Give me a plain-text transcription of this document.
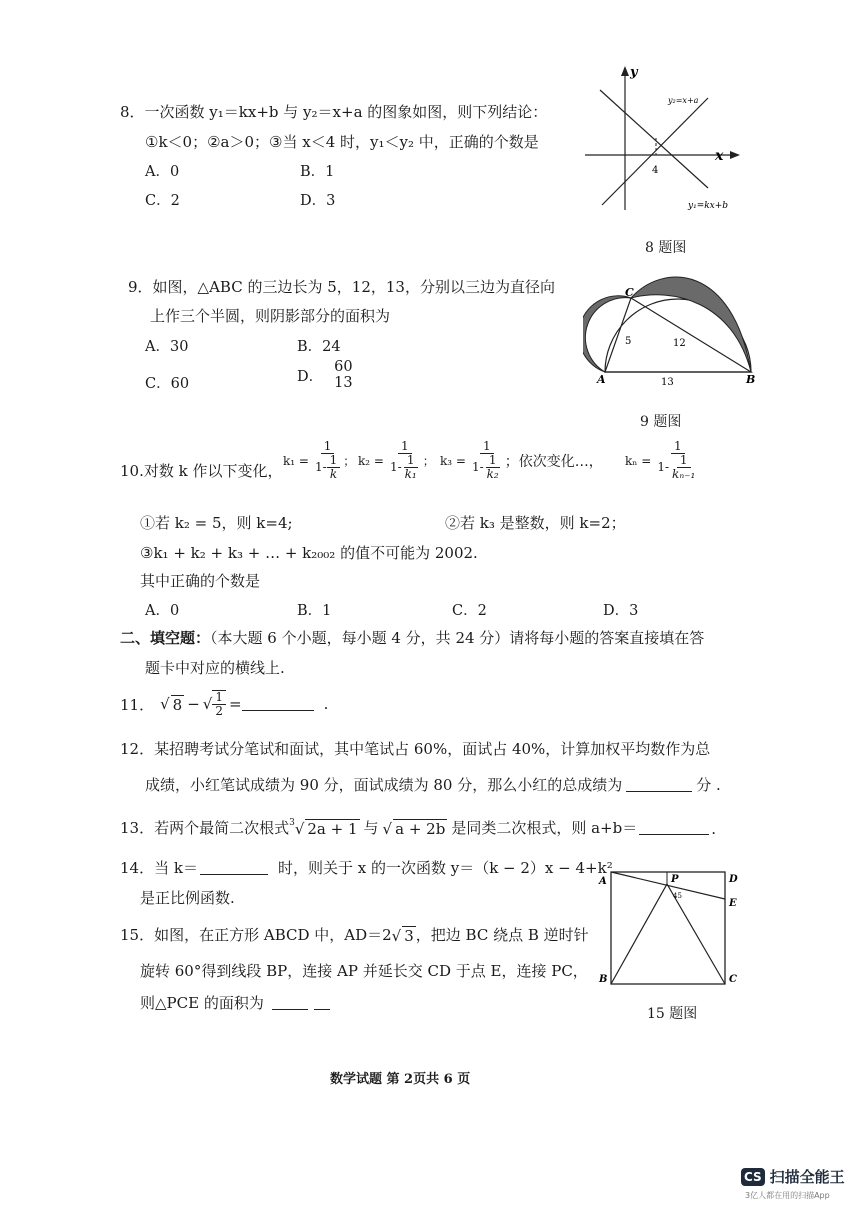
8．一次函数 y₁＝kx+b 与 y₂＝x+a 的图象如图，则下列结论：
①k＜0；②a＞0；③当 x＜4 时，y₁＜y₂ 中，正确的个数是
A．0	B．1
C．2	D．3
y
x
4
y₂=x+a
y₁=kx+b
8 题图
9．如图，△ABC 的三边长为 5，12，13，分别以三边为直径向
上作三个半圆，则阴影部分的面积为
A．30	B．24
C．60	D．
60
13
C
A	B
5	12
13
9 题图
10.对数 k 作以下变化，
$k_1 = \frac{1}{1- \frac{1}{k}}$ ； $k_2 = \frac{1}{1- \frac{1}{\text{k₁}}}$ ； $k_3 = \frac{1}{1- \frac{1}{\text{k₂}}}$ ；依次变化…， $k_n = \frac{1}{1- \frac{1}{\text{kₙ₋₁}}}$
①若 k₂ = 5，则 k=4;	②若 k₃ 是整数，则 k=2；
③k₁ + k₂ + k₃ + … + k₂₀₀₂ 的值不可能为 2002.
其中正确的个数是
A．0	B．1	C．2	D．3
二、填空题：（本大题 6 个小题，每小题 4 分，共 24 分）请将每小题的答案直接填在答
题卡中对应的横线上.
11． √ 8 − √ $\frac{1}{2}$ =	.
12．某招聘考试分笔试和面试，其中笔试占 60%，面试占 40%，计算加权平均数作为总
成绩，小红笔试成绩为 90 分，面试成绩为 80 分，那么小红的总成绩为	分 .
13．若两个最简二次根式 3 √ 2a + 1 与 √ a + 2b 是同类二次根式，则 a+b＝	.
14．当 k＝	时，则关于 x 的一次函数 y＝（k − 2）x − 4+k²
是正比例函数.
15．如图，在正方形 ABCD 中，AD＝2 √ 3 ，把边 BC 绕点 B 逆时针
旋转 60°得到线段 BP，连接 AP 并延长交 CD 于点 E，连接 PC，
则△PCE 的面积为
A	P	D
E
B	C
45
15 题图
数学试题 第 2页共 6 页
CS 扫描全能王
3亿人都在用的扫描App
